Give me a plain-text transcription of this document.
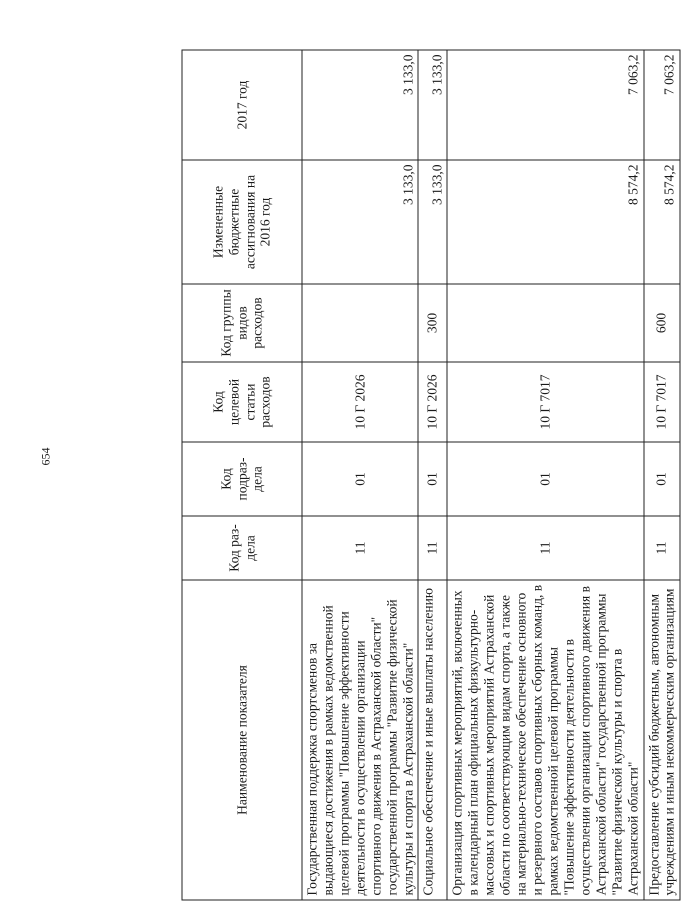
654
Наименование показателя	Код раз-дела	Код подраз-дела	Код целевой статьи расходов	Код группы видов расходов	Измененные бюджетные ассигнования на 2016 год	2017 год
Государственная поддержка спортсменов за выдающиеся достижения в рамках ведомственной целевой программы "Повышение эффективности деятельности в осуществлении организации спортивного движения в Астраханской области" государственной программы "Развитие физической культуры и спорта в Астраханской области"	11	01	10 Г 2026		3 133,0	3 133,0
Социальное обеспечение и иные выплаты населению	11	01	10 Г 2026	300	3 133,0	3 133,0
Организация спортивных мероприятий, включенных в календарный план официальных физкультурно-массовых и спортивных мероприятий Астраханской области по соответствующим видам спорта, а также на материально-техническое обеспечение основного и резервного составов спортивных сборных команд, в рамках ведомственной целевой программы "Повышение эффективности деятельности в осуществлении организации спортивного движения в Астраханской области" государственной программы "Развитие физической культуры и спорта в Астраханской области"	11	01	10 Г 7017		8 574,2	7 063,2
Предоставление субсидий бюджетным, автономным учреждениям и иным некоммерческим организациям	11	01	10 Г 7017	600	8 574,2	7 063,2
